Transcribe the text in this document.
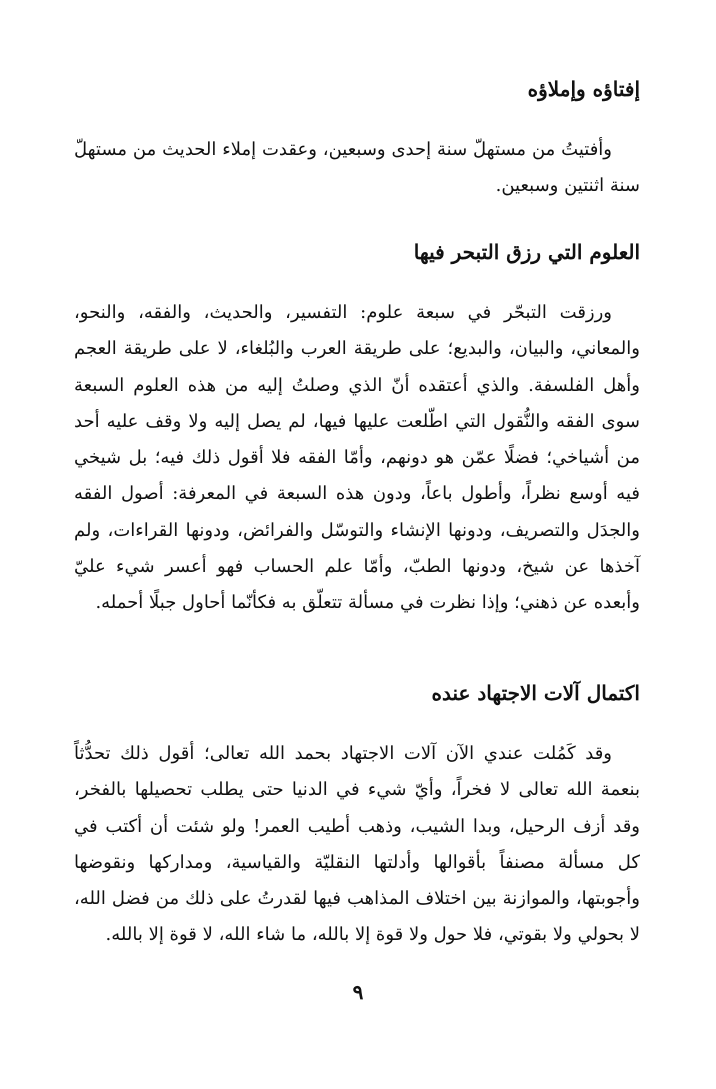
إفتاؤه وإملاؤه

وأفتيتُ من مستهلّ سنة إحدى وسبعين، وعقدت إملاء الحديث من مستهلّ سنة اثنتين وسبعين.

العلوم التي رزق التبحر فيها

ورزقت التبحّر في سبعة علوم: التفسير، والحديث، والفقه، والنحو، والمعاني، والبيان، والبديع؛ على طريقة العرب والبُلغاء، لا على طريقة العجم وأهل الفلسفة. والذي أعتقده أنّ الذي وصلتُ إليه من هذه العلوم السبعة سوى الفقه والنُّقول التي اطّلعت عليها فيها، لم يصل إليه ولا وقف عليه أحد من أشياخي؛ فضلًا عمّن هو دونهم، وأمّا الفقه فلا أقول ذلك فيه؛ بل شيخي فيه أوسع نظراً، وأطول باعاً، ودون هذه السبعة في المعرفة: أصول الفقه والجدَل والتصريف، ودونها الإنشاء والتوسّل والفرائض، ودونها القراءات، ولم آخذها عن شيخ، ودونها الطبّ، وأمّا علم الحساب فهو أعسر شيء عليّ وأبعده عن ذهني؛ وإذا نظرت في مسألة تتعلّق به فكأنّما أحاول جبلًا أحمله.

اكتمال آلات الاجتهاد عنده

وقد كَمُلت عندي الآن آلات الاجتهاد بحمد الله تعالى؛ أقول ذلك تحدُّثاً بنعمة الله تعالى لا فخراً، وأيّ شيء في الدنيا حتى يطلب تحصيلها بالفخر، وقد أزف الرحيل، وبدا الشيب، وذهب أطيب العمر! ولو شئت أن أكتب في كل مسألة مصنفاً بأقوالها وأدلتها النقليّة والقياسية، ومداركها ونقوضها وأجوبتها، والموازنة بين اختلاف المذاهب فيها لقدرتُ على ذلك من فضل الله، لا بحولي ولا بقوتي، فلا حول ولا قوة إلا بالله، ما شاء الله، لا قوة إلا بالله.

٩
